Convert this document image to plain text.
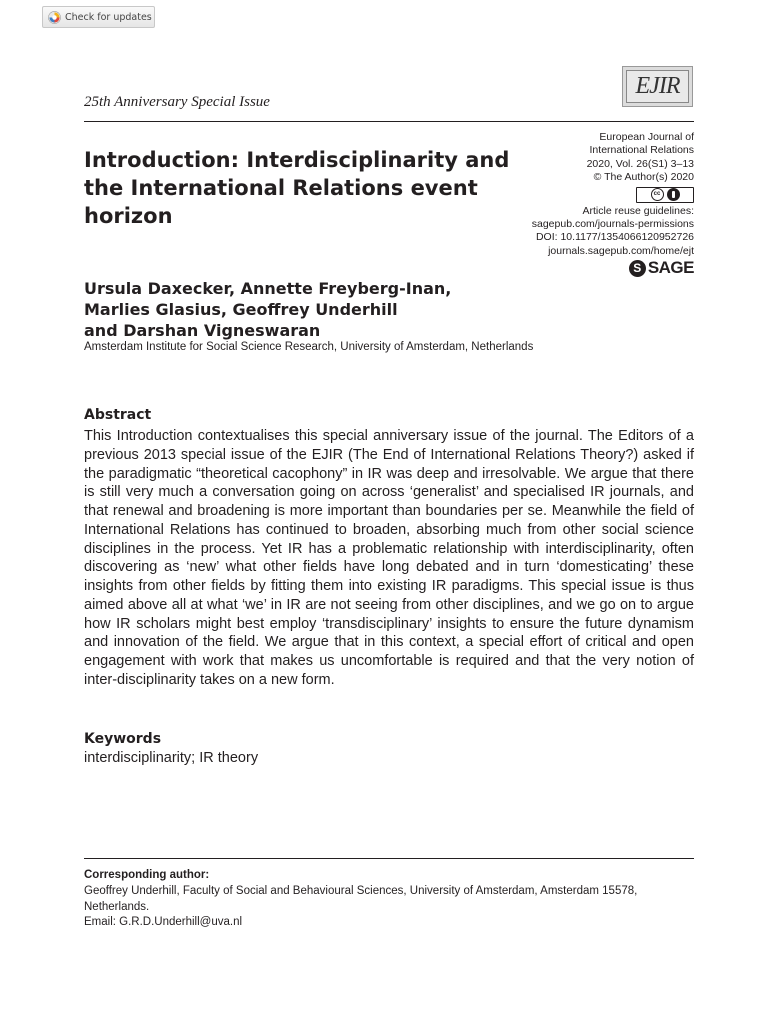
Check for updates
25th Anniversary Special Issue
EJIR
Introduction: Interdisciplinarity and the International Relations event horizon
European Journal of
International Relations
2020, Vol. 26(S1) 3–13
© The Author(s) 2020
cc
Article reuse guidelines:
sagepub.com/journals-permissions
DOI: 10.1177/1354066120952726
journals.sagepub.com/home/ejt
S SAGE
Ursula Daxecker, Annette Freyberg-Inan,
Marlies Glasius, Geoffrey Underhill
and Darshan Vigneswaran
Amsterdam Institute for Social Science Research, University of Amsterdam, Netherlands
Abstract

This Introduction contextualises this special anniversary issue of the journal. The Editors of a previous 2013 special issue of the EJIR (The End of International Relations Theory?) asked if the paradigmatic “theoretical cacophony” in IR was deep and irresolvable. We argue that there is still very much a conversation going on across ‘generalist’ and specialised IR journals, and that renewal and broadening is more important than boundaries per se. Meanwhile the field of International Relations has continued to broaden, absorbing much from other social science disciplines in the process. Yet IR has a problematic relationship with interdisciplinarity, often discovering as ‘new’ what other fields have long debated and in turn ‘domesticating’ these insights from other fields by fitting them into existing IR paradigms. This special issue is thus aimed above all at what ‘we’ in IR are not seeing from other disciplines, and we go on to argue how IR scholars might best employ ‘transdisciplinary’ insights to ensure the future dynamism and innovation of the field. We argue that in this context, a special effort of critical and open engagement with work that makes us uncomfortable is required and that the very notion of inter-disciplinarity takes on a new form.

Keywords

interdisciplinarity; IR theory

Corresponding author:
Geoffrey Underhill, Faculty of Social and Behavioural Sciences, University of Amsterdam, Amsterdam 15578, Netherlands.
Email: G.R.D.Underhill@uva.nl
